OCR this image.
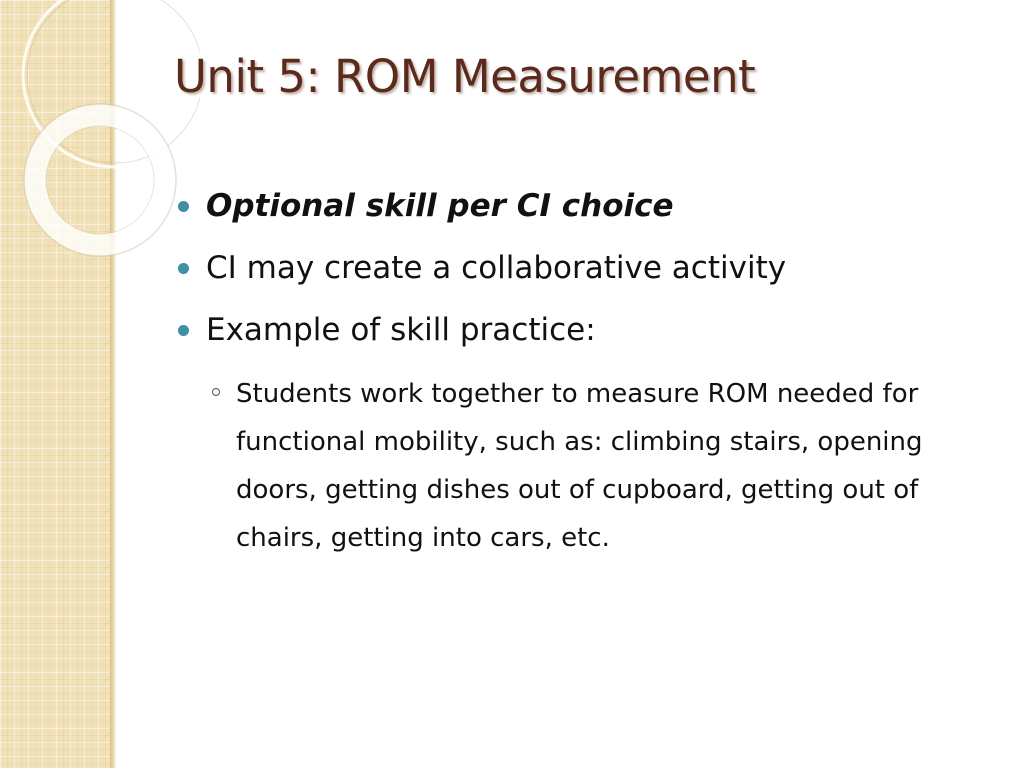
Unit 5: ROM Measurement
Optional skill per CI choice
CI may create a collaborative activity
Example of skill practice:
Students work together to measure ROM needed for functional mobility, such as: climbing stairs, opening doors, getting dishes out of cupboard, getting out of chairs, getting into cars, etc.
